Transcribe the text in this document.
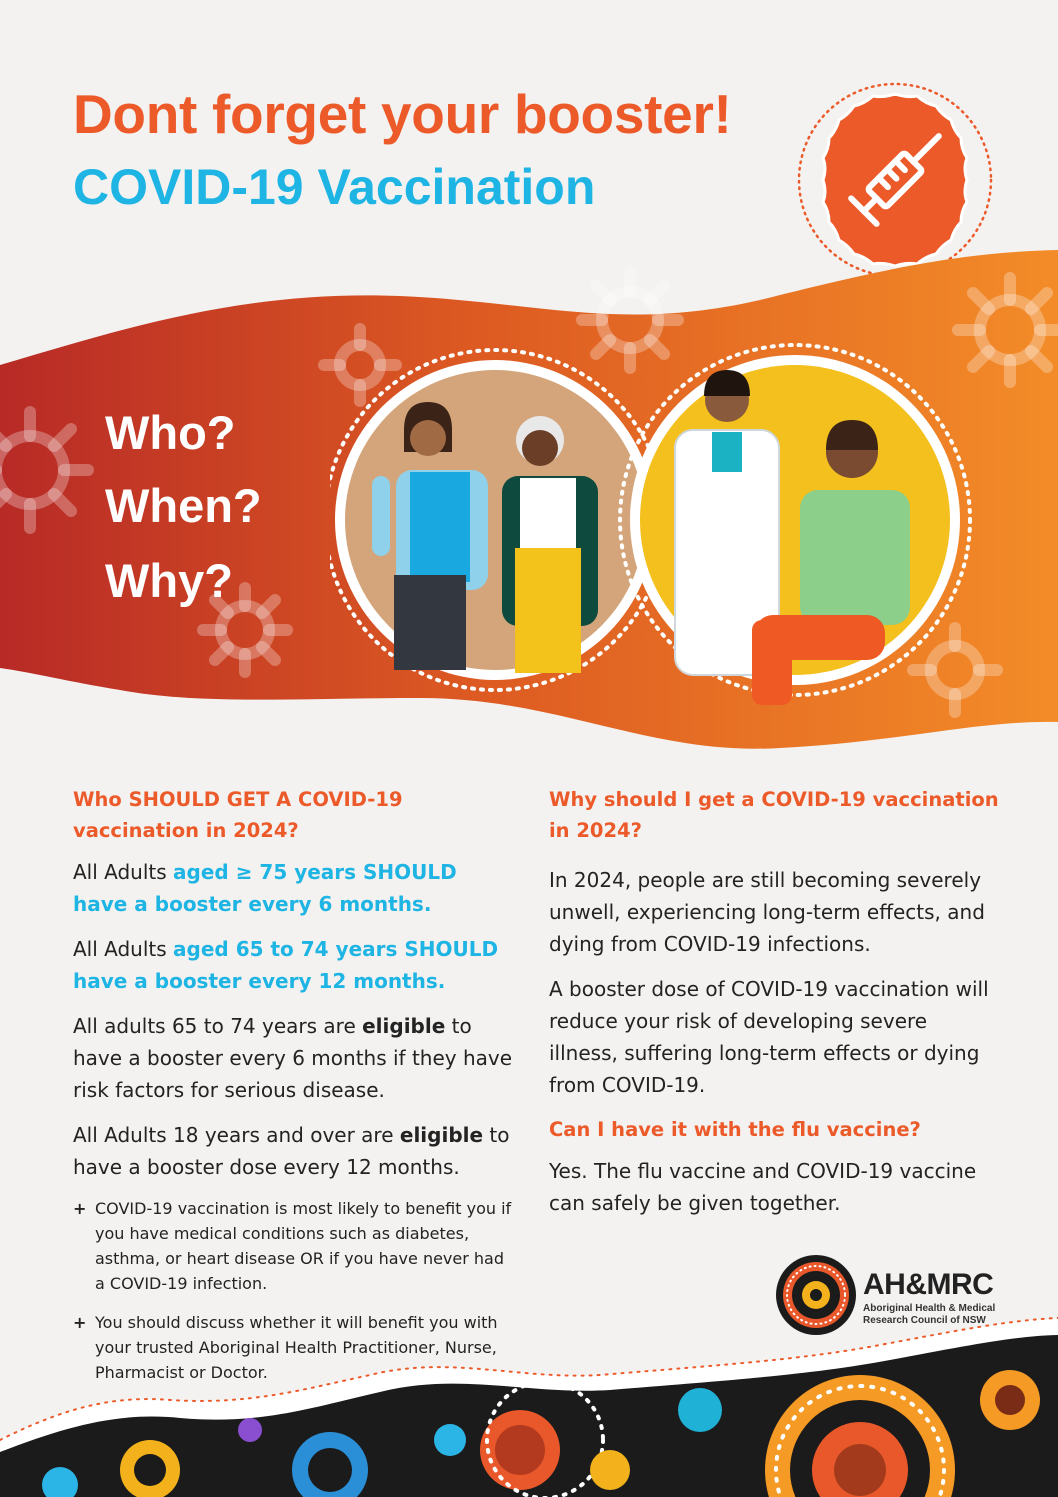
Dont forget your booster!
COVID-19 Vaccination
Who?
When?
Why?

Who SHOULD GET A COVID-19 vaccination in 2024?

All Adults aged ≥ 75 years SHOULD have a booster every 6 months.

All Adults aged 65 to 74 years SHOULD have a booster every 12 months.

All adults 65 to 74 years are eligible to have a booster every 6 months if they have risk factors for serious disease.

All Adults 18 years and over are eligible to have a booster dose every 12 months.

+ COVID-19 vaccination is most likely to benefit you if you have medical conditions such as diabetes, asthma, or heart disease OR if you have never had a COVID-19 infection.
+ You should discuss whether it will benefit you with your trusted Aboriginal Health Practitioner, Nurse, Pharmacist or Doctor.

Why should I get a COVID-19 vaccination in 2024?

In 2024, people are still becoming severely unwell, experiencing long-term effects, and dying from COVID-19 infections.

A booster dose of COVID-19 vaccination will reduce your risk of developing severe illness, suffering long-term effects or dying from COVID-19.

Can I have it with the flu vaccine?

Yes. The flu vaccine and COVID-19 vaccine can safely be given together.

AH&MRC
Aboriginal Health & Medical Research Council of NSW
